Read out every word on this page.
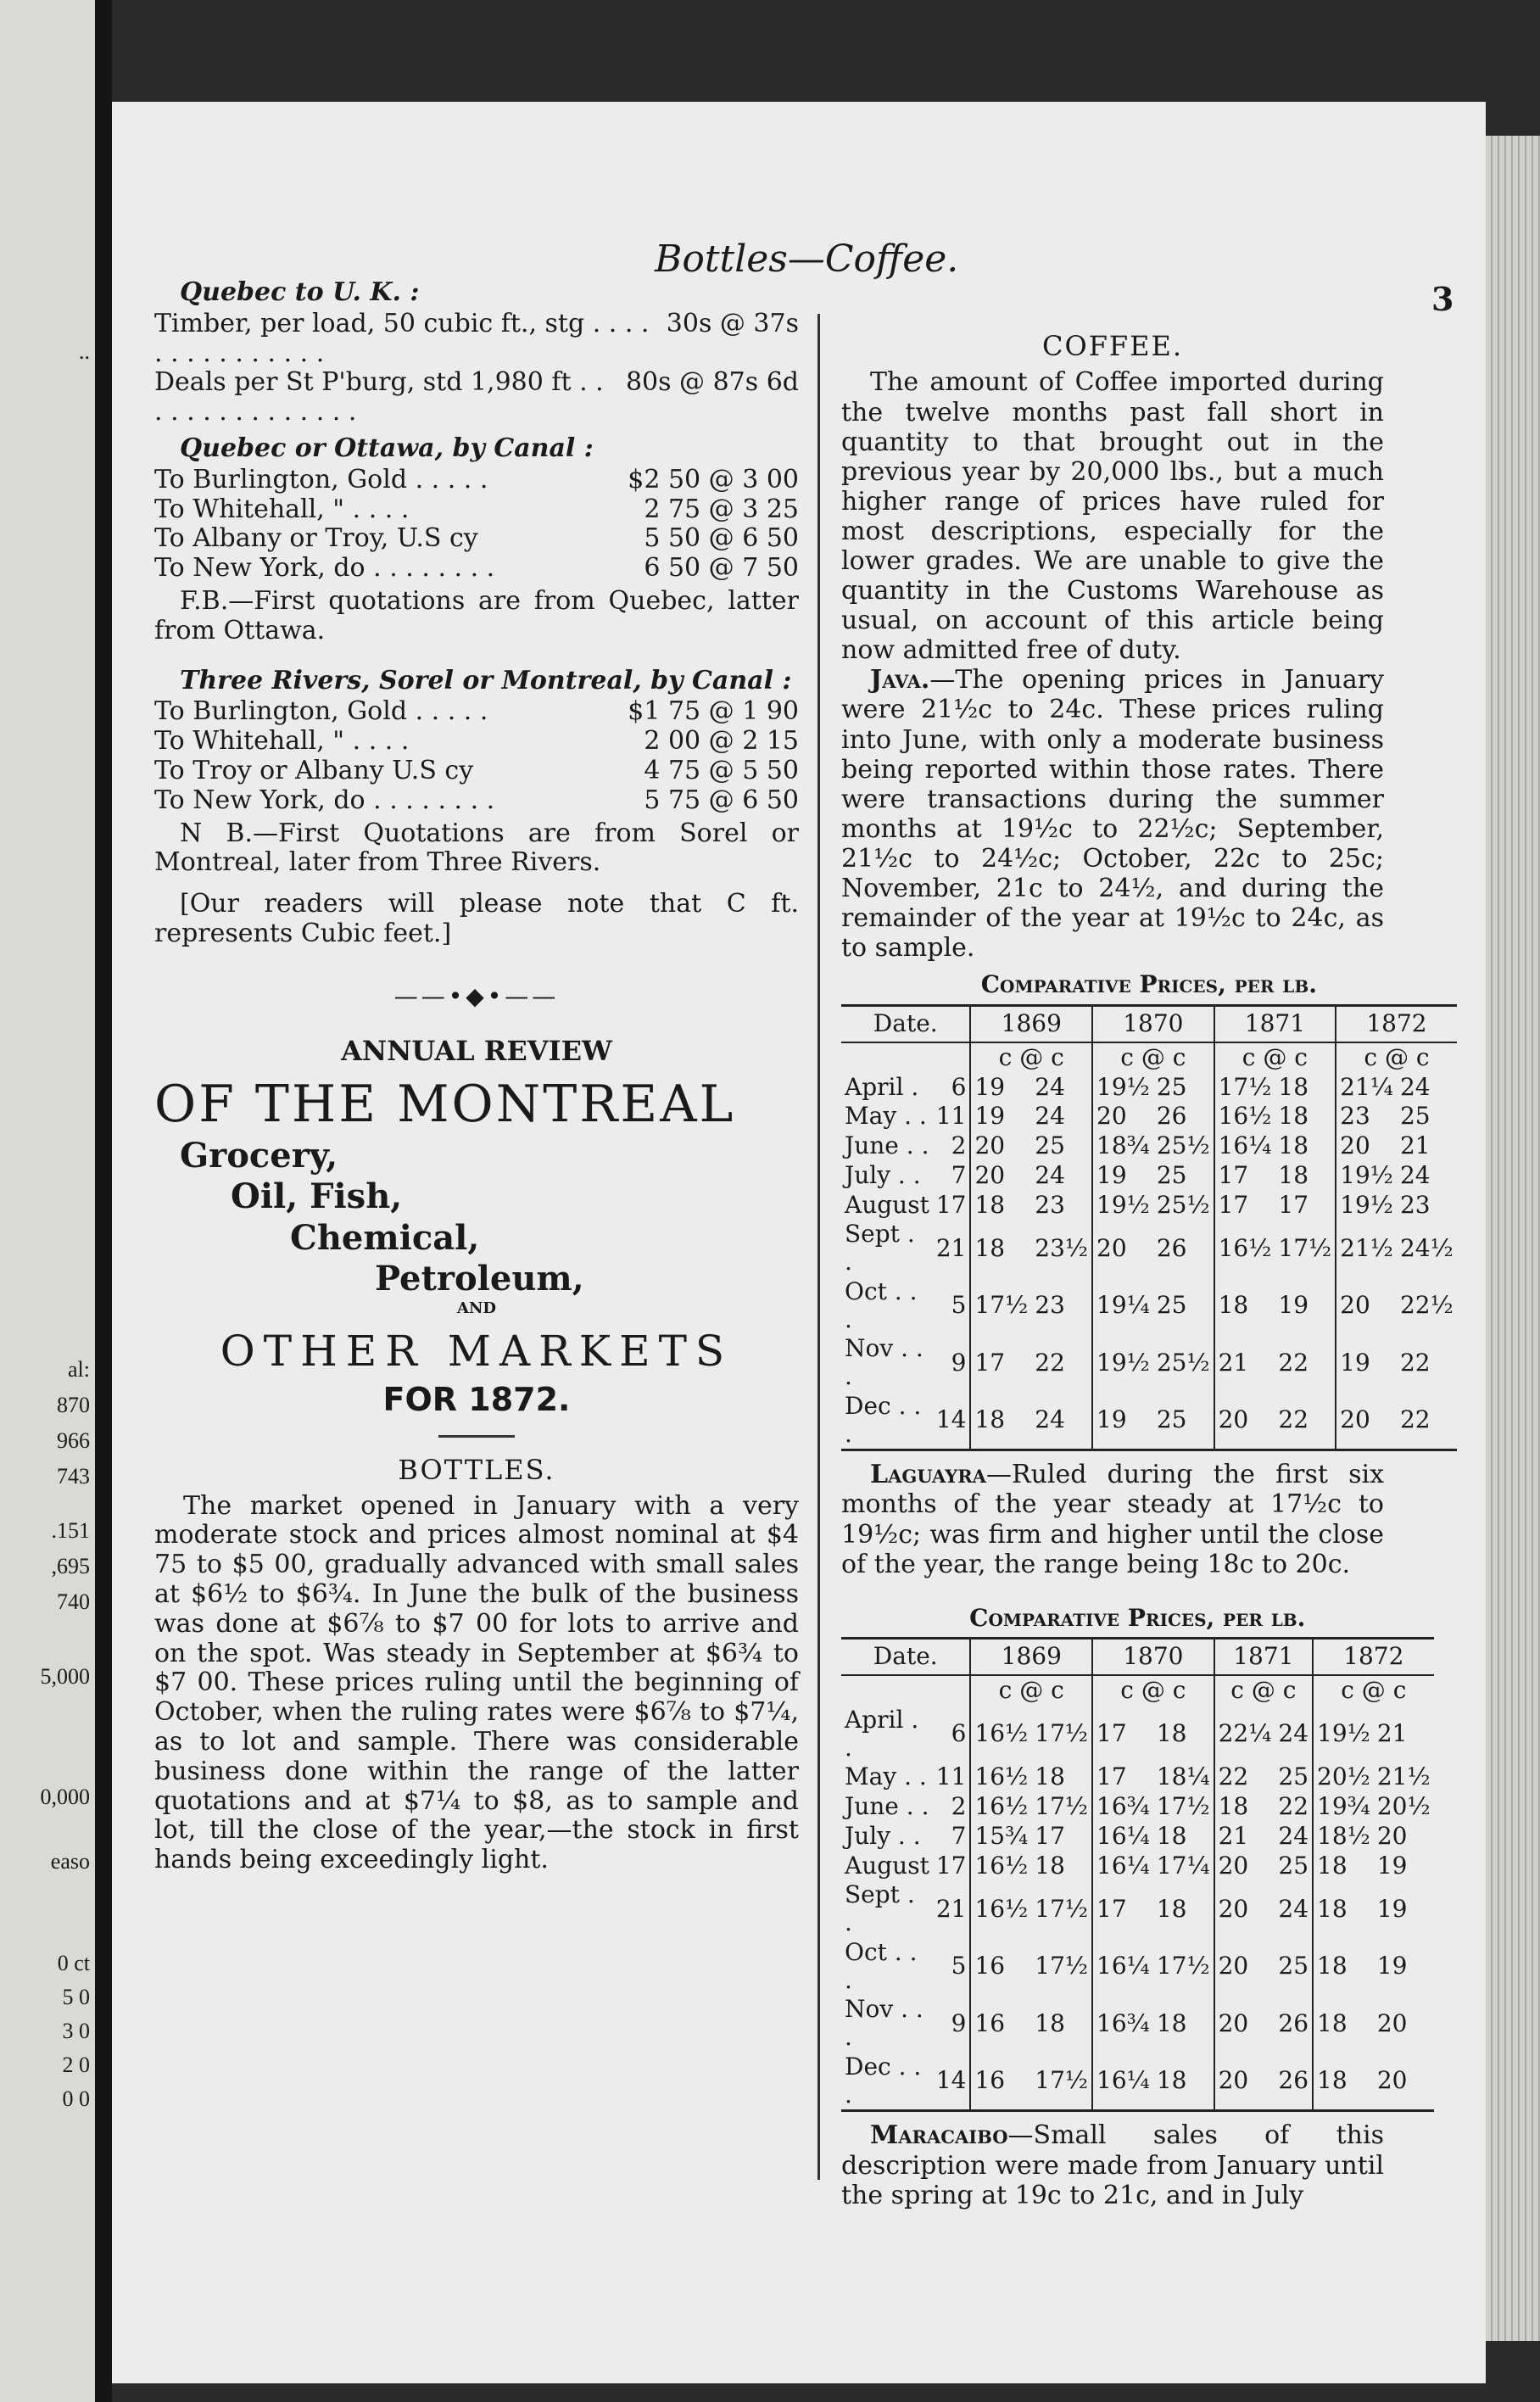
..
al:
870
966
743
.151
,695
740
5,000
0,000
easo
0 ct
5 0
3 0
2 0
0 0
Bottles—Coffee.
3
Quebec to U. K. :
Timber, per load, 50 cubic ft., stg . . . . . . . . . . . . . . .
30s @ 37s
Deals per St P'burg, std 1,980 ft . . . . . . . . . . . . . . .
80s @ 87s 6d
Quebec or Ottawa, by Canal :
To Burlington, Gold . . . . .	$2 50 @ 3 00
To Whitehall, " . . . .	2 75 @ 3 25
To Albany or Troy, U.S cy	5 50 @ 6 50
To New York, do . . . . . . . .	6 50 @ 7 50
F.B.—First quotations are from Quebec, latter from Ottawa.
Three Rivers, Sorel or Montreal, by Canal :
To Burlington, Gold . . . . .	$1 75 @ 1 90
To Whitehall, " . . . .	2 00 @ 2 15
To Troy or Albany U.S cy	4 75 @ 5 50
To New York, do . . . . . . . .	5 75 @ 6 50
N B.—First Quotations are from Sorel or Montreal, later from Three Rivers.
[Our readers will please note that C ft. represents Cubic feet.]
——•◆•——
ANNUAL REVIEW
OF THE MONTREAL
Grocery,
Oil, Fish,
Chemical,
Petroleum,
AND
OTHER MARKETS
FOR 1872.
BOTTLES.
The market opened in January with a very moderate stock and prices almost nominal at $4 75 to $5 00, gradually advanced with small sales at $6½ to $6¾. In June the bulk of the business was done at $6⅞ to $7 00 for lots to arrive and on the spot. Was steady in September at $6¾ to $7 00. These prices ruling until the beginning of October, when the ruling rates were $6⅞ to $7¼, as to lot and sample. There was considerable business done within the range of the latter quotations and at $7¼ to $8, as to sample and lot, till the close of the year,—the stock in first hands being exceedingly light.
COFFEE.
The amount of Coffee imported during the twelve months past fall short in quantity to that brought out in the previous year by 20,000 lbs., but a much higher range of prices have ruled for most descriptions, especially for the lower grades. We are unable to give the quantity in the Customs Warehouse as usual, on account of this article being now admitted free of duty.
Java.—The opening prices in January were 21½c to 24c. These prices ruling into June, with only a moderate business being reported within those rates. There were transactions during the summer months at 19½c to 22½c; September, 21½c to 24½c; October, 22c to 25c; November, 21c to 24½, and during the remainder of the year at 19½c to 24c, as to sample.
Comparative Prices, per lb.
Date.		1869		1870		1871		1872	
		c @ c		c @ c		c @ c		c @ c	
April .	6	19	24	19½	25	17½	18	21¼	24
May . .	11	19	24	20	26	16½	18	23	25
June . .	2	20	25	18¾	25½	16¼	18	20	21
July . .	7	20	24	19	25	17	18	19½	24
August	17	18	23	19½	25½	17	17	19½	23
Sept . .	21	18	23½	20	26	16½	17½	21½	24½
Oct . . .	5	17½	23	19¼	25	18	19	20	22½
Nov . . .	9	17	22	19½	25½	21	22	19	22
Dec . . .	14	18	24	19	25	20	22	20	22
Laguayra—Ruled during the first six months of the year steady at 17½c to 19½c; was firm and higher until the close of the year, the range being 18c to 20c.
Comparative Prices, per lb.
Date.		1869		1870		1871		1872	
		c @ c		c @ c		c @ c		c @ c	
April . .	6	16½	17½	17	18	22¼	24	19½	21
May . .	11	16½	18	17	18¼	22	25	20½	21½
June . .	2	16½	17½	16¾	17½	18	22	19¾	20½
July . .	7	15¾	17	16¼	18	21	24	18½	20
August	17	16½	18	16¼	17¼	20	25	18	19
Sept . .	21	16½	17½	17	18	20	24	18	19
Oct . . .	5	16	17½	16¼	17½	20	25	18	19
Nov . . .	9	16	18	16¾	18	20	26	18	20
Dec . . .	14	16	17½	16¼	18	20	26	18	20
Maracaibo—Small sales of this description were made from January until the spring at 19c to 21c, and in July
